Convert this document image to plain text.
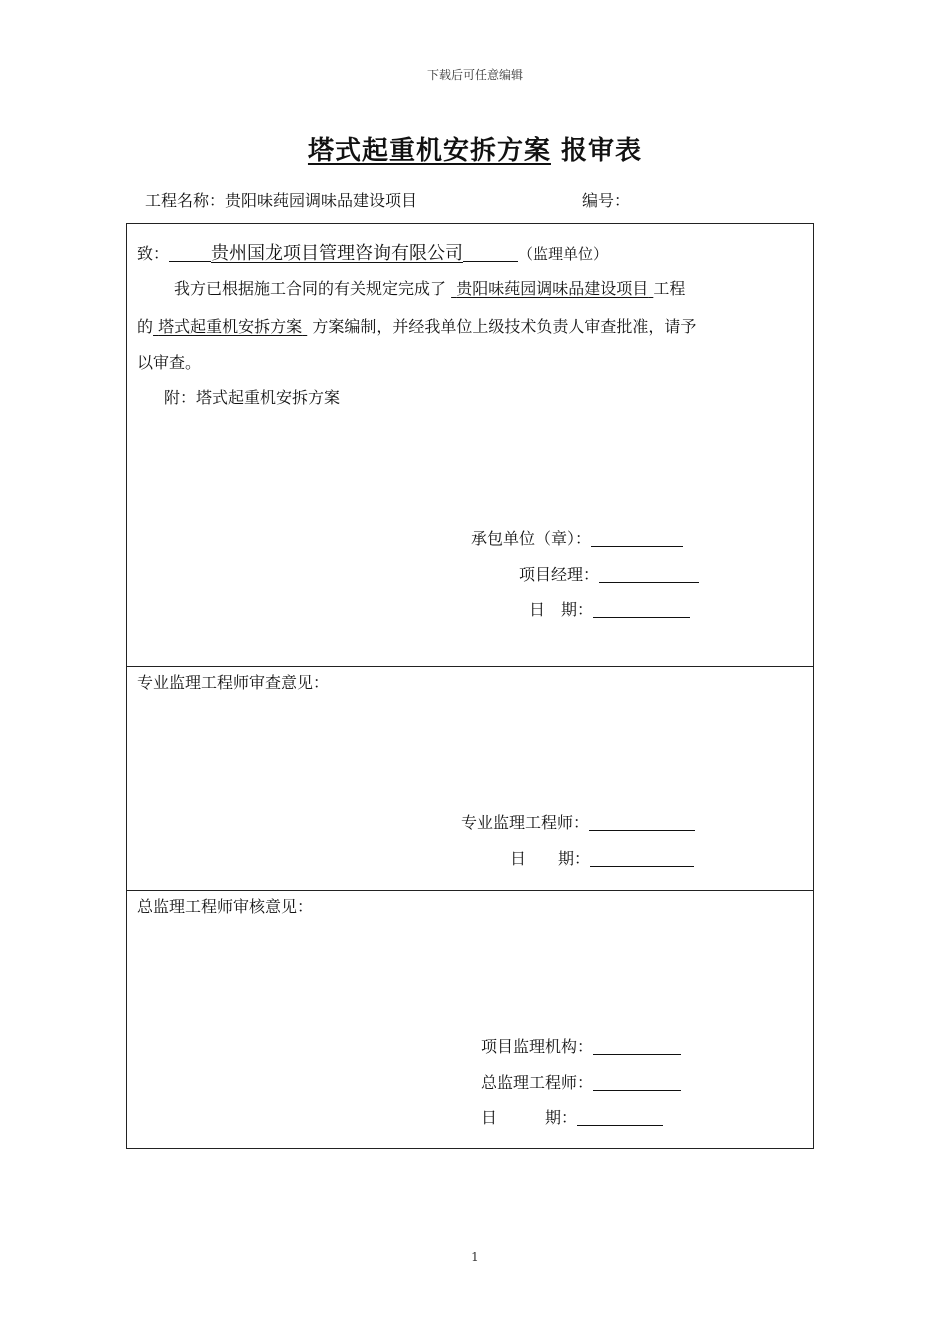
下载后可任意编辑
塔式起重机安拆方案 报审表
工程名称：贵阳味莼园调味品建设项目	编号：
致： 贵州国龙项目管理咨询有限公司	（监理单位）
我方已根据施工合同的有关规定完成了 贵阳味莼园调味品建设项目 工程
的 塔式起重机安拆方案 方案编制，并经我单位上级技术负责人审查批准，请予
以审查。
附：塔式起重机安拆方案
承包单位（章）：
项目经理：
日　期：
专业监理工程师审查意见：
专业监理工程师：
日　　期：
总监理工程师审核意见：
项目监理机构：
总监理工程师：
日　　　期：
1
